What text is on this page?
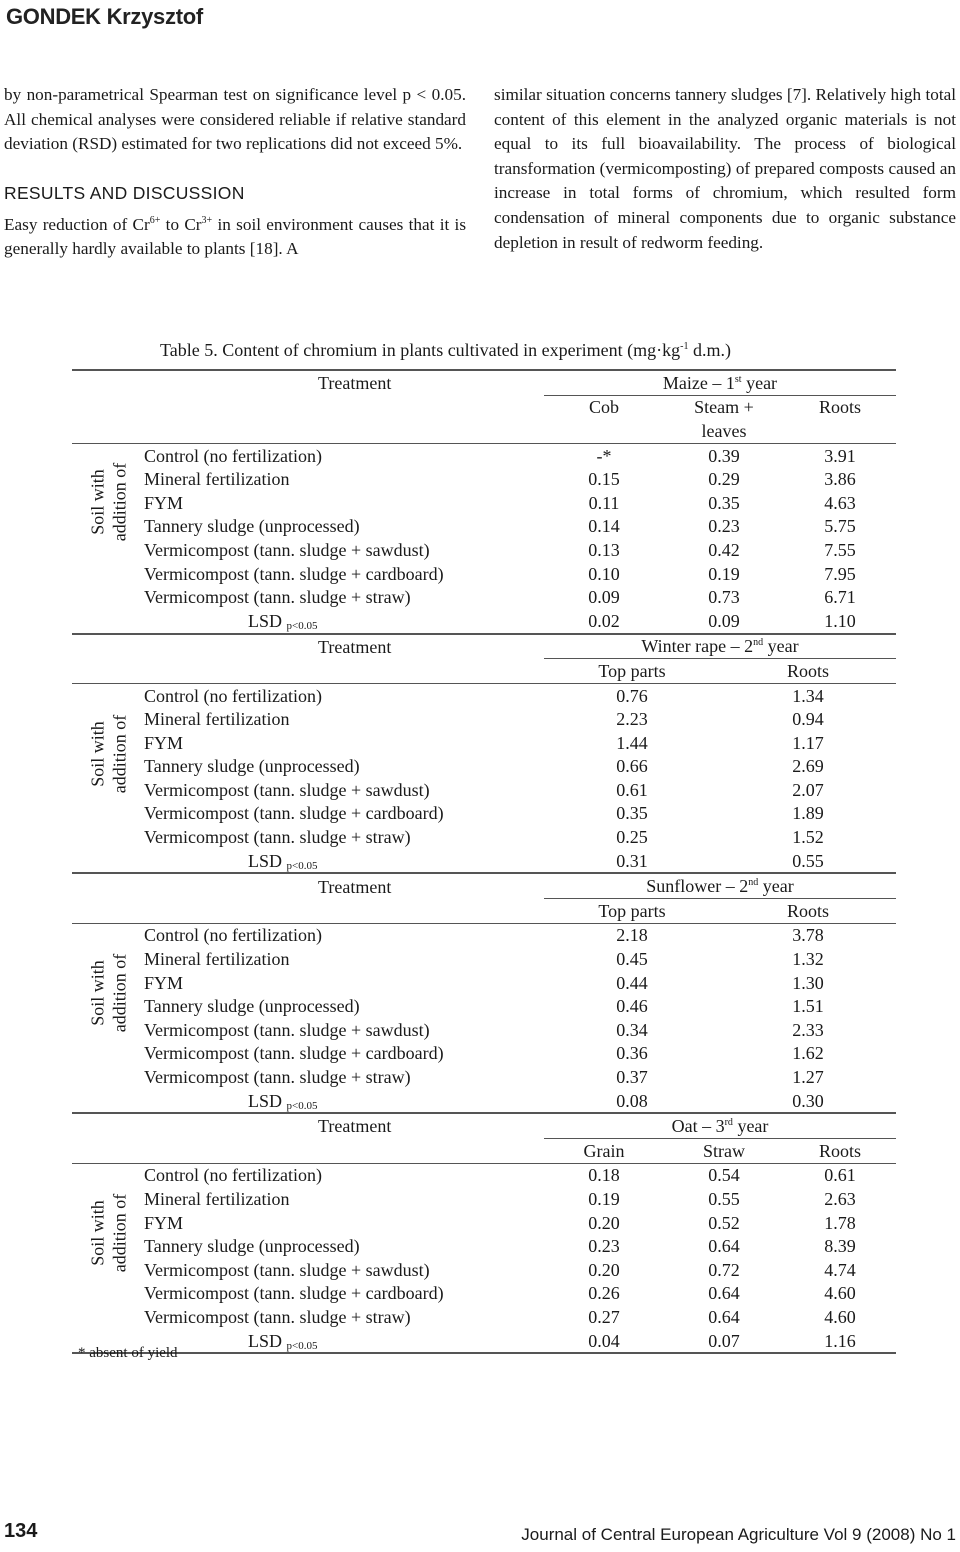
GONDEK Krzysztof

by non-parametrical Spearman test on significance level p < 0.05. All chemical analyses were considered reliable if relative standard deviation (RSD) estimated for two replications did not exceed 5%.

RESULTS AND DISCUSSION

Easy reduction of $Cr^{6+}$ to $Cr^{3+}$ in soil environment causes that it is generally hardly available to plants [18]. A

similar situation concerns tannery sludges [7]. Relatively high total content of this element in the analyzed organic materials is not equal to its full bioavailability. The process of biological transformation (vermicomposting) of prepared composts caused an increase in total forms of chromium, which resulted form condensation of mineral components due to organic substance depletion in result of redworm feeding.

Table 5. Content of chromium in plants cultivated in experiment ($mg\cdot kg^{-1}$ d.m.)
Soil with addition of
	Treatment	Maize – 1st year		
		Cob	Steam +	Roots
			leaves	
	Control (no fertilization)	-*	0.39	3.91
	Mineral fertilization	0.15	0.29	3.86
	FYM	0.11	0.35	4.63
	Tannery sludge (unprocessed)	0.14	0.23	5.75
	Vermicompost (tann. sludge + sawdust)	0.13	0.42	7.55
	Vermicompost (tann. sludge + cardboard)	0.10	0.19	7.95
	Vermicompost (tann. sludge + straw)	0.09	0.73	6.71
	LSD $_{p<0.05}$	0.02	0.09	1.10
Soil with addition of
	Treatment	Winter rape – 2nd year	
		Top parts	Roots
	Control (no fertilization)	0.76	1.34
	Mineral fertilization	2.23	0.94
	FYM	1.44	1.17
	Tannery sludge (unprocessed)	0.66	2.69
	Vermicompost (tann. sludge + sawdust)	0.61	2.07
	Vermicompost (tann. sludge + cardboard)	0.35	1.89
	Vermicompost (tann. sludge + straw)	0.25	1.52
	LSD $_{p<0.05}$	0.31	0.55
Soil with addition of
	Treatment	Sunflower – 2nd year	
		Top parts	Roots
	Control (no fertilization)	2.18	3.78
	Mineral fertilization	0.45	1.32
	FYM	0.44	1.30
	Tannery sludge (unprocessed)	0.46	1.51
	Vermicompost (tann. sludge + sawdust)	0.34	2.33
	Vermicompost (tann. sludge + cardboard)	0.36	1.62
	Vermicompost (tann. sludge + straw)	0.37	1.27
	LSD $_{p<0.05}$	0.08	0.30
Soil with addition of
	Treatment	Oat – 3rd year		
		Grain	Straw	Roots
	Control (no fertilization)	0.18	0.54	0.61
	Mineral fertilization	0.19	0.55	2.63
	FYM	0.20	0.52	1.78
	Tannery sludge (unprocessed)	0.23	0.64	8.39
	Vermicompost (tann. sludge + sawdust)	0.20	0.72	4.74
	Vermicompost (tann. sludge + cardboard)	0.26	0.64	4.60
	Vermicompost (tann. sludge + straw)	0.27	0.64	4.60
	LSD $_{p<0.05}$	0.04	0.07	1.16
* absent of yield
134	Journal of Central European Agriculture Vol 9 (2008) No 1
